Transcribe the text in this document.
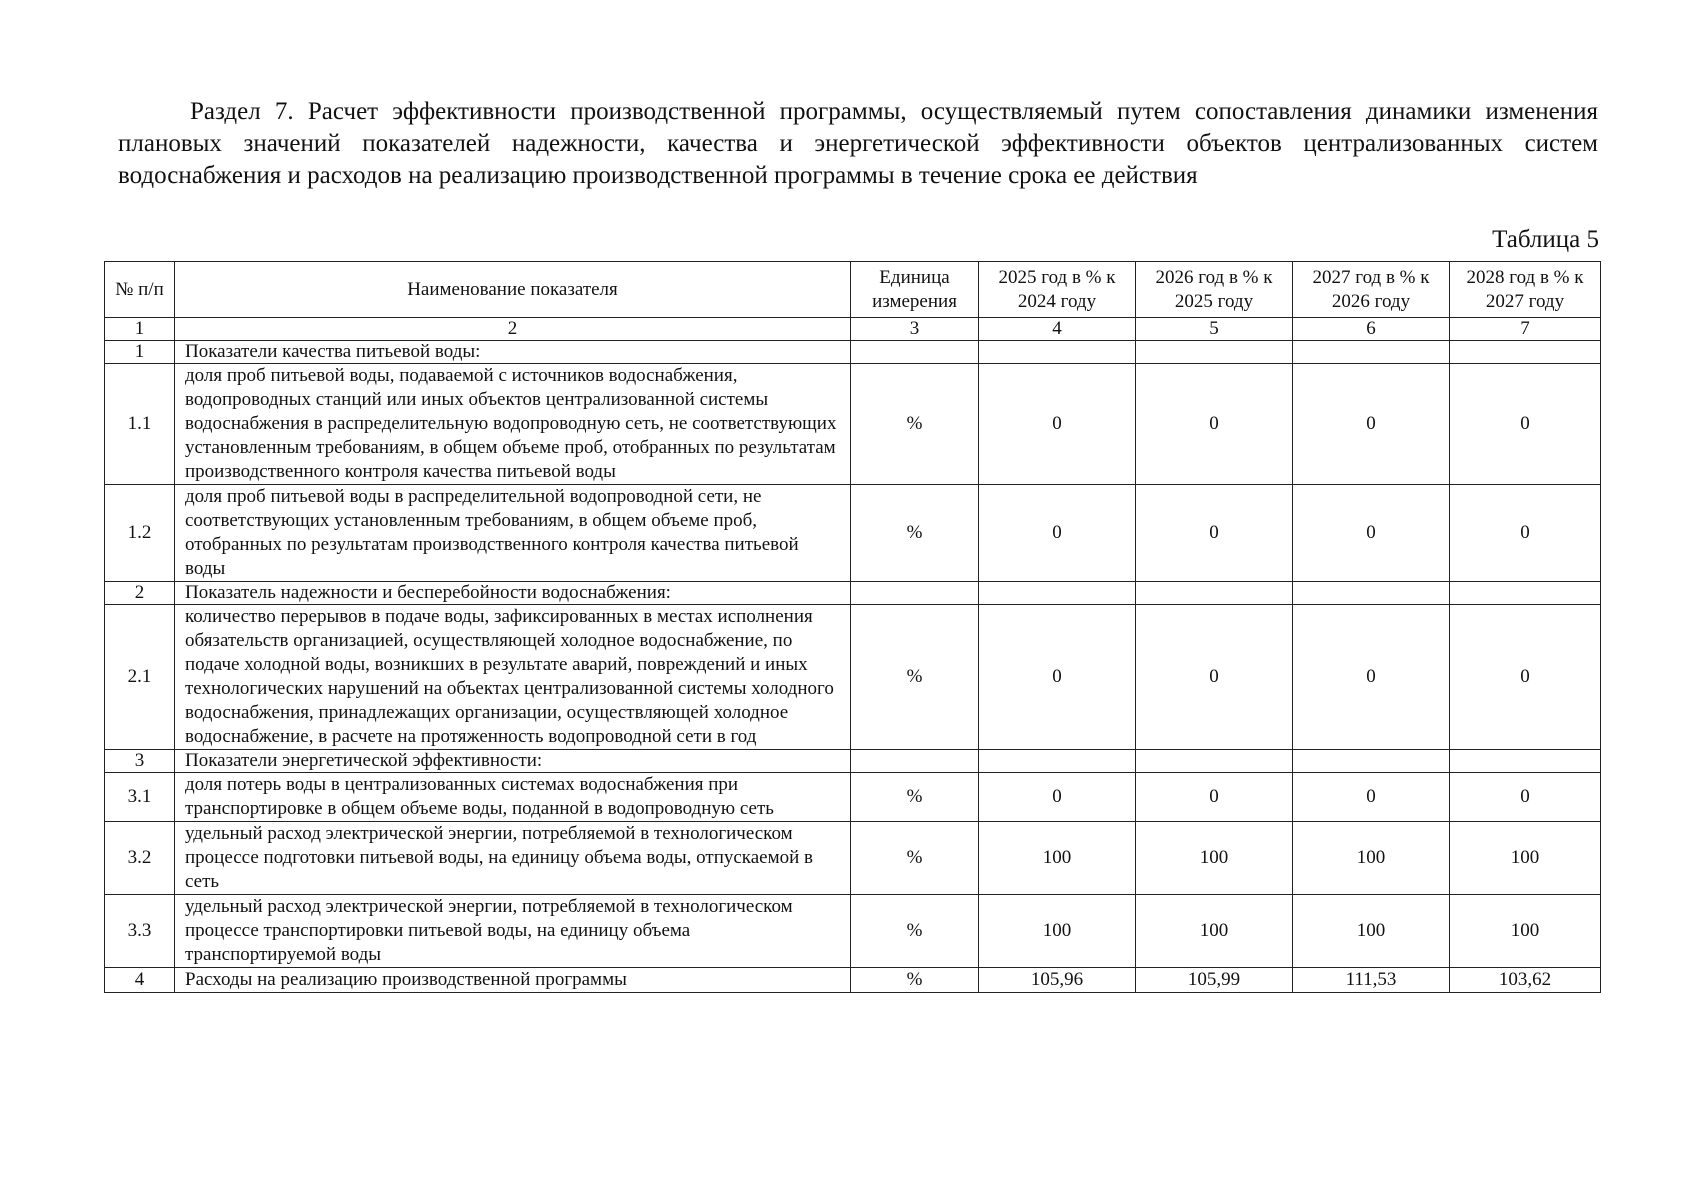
Раздел 7. Расчет эффективности производственной программы, осуществляемый путем сопоставления динамики изменения плановых значений показателей надежности, качества и энергетической эффективности объектов централизованных систем водоснабжения и расходов на реализацию производственной программы в течение срока ее действия
Таблица 5
№ п/п	Наименование показателя	Единица измерения	2025 год в % к 2024 году	2026 год в % к 2025 году	2027 год в % к 2026 году	2028 год в % к 2027 году
1	2	3	4	5	6	7
1	Показатели качества питьевой воды:					
1.1	доля проб питьевой воды, подаваемой с источников водоснабжения, водопроводных станций или иных объектов централизованной системы водоснабжения в распределительную водопроводную сеть, не соответствующих установленным требованиям, в общем объеме проб, отобранных по результатам производственного контроля качества питьевой воды	%	0	0	0	0
1.2	доля проб питьевой воды в распределительной водопроводной сети, не соответствующих установленным требованиям, в общем объеме проб, отобранных по результатам производственного контроля качества питьевой воды	%	0	0	0	0
2	Показатель надежности и бесперебойности водоснабжения:					
2.1	количество перерывов в подаче воды, зафиксированных в местах исполнения обязательств организацией, осуществляющей холодное водоснабжение, по подаче холодной воды, возникших в результате аварий, повреждений и иных технологических нарушений на объектах централизованной системы холодного водоснабжения, принадлежащих организации, осуществляющей холодное водоснабжение, в расчете на протяженность водопроводной сети в год	%	0	0	0	0
3	Показатели энергетической эффективности:					
3.1	доля потерь воды в централизованных системах водоснабжения при транспортировке в общем объеме воды, поданной в водопроводную сеть	%	0	0	0	0
3.2	удельный расход электрической энергии, потребляемой в технологическом процессе подготовки питьевой воды, на единицу объема воды, отпускаемой в сеть	%	100	100	100	100
3.3	удельный расход электрической энергии, потребляемой в технологическом процессе транспортировки питьевой воды, на единицу объема транспортируемой воды	%	100	100	100	100
4	Расходы на реализацию производственной программы	%	105,96	105,99	111,53	103,62
